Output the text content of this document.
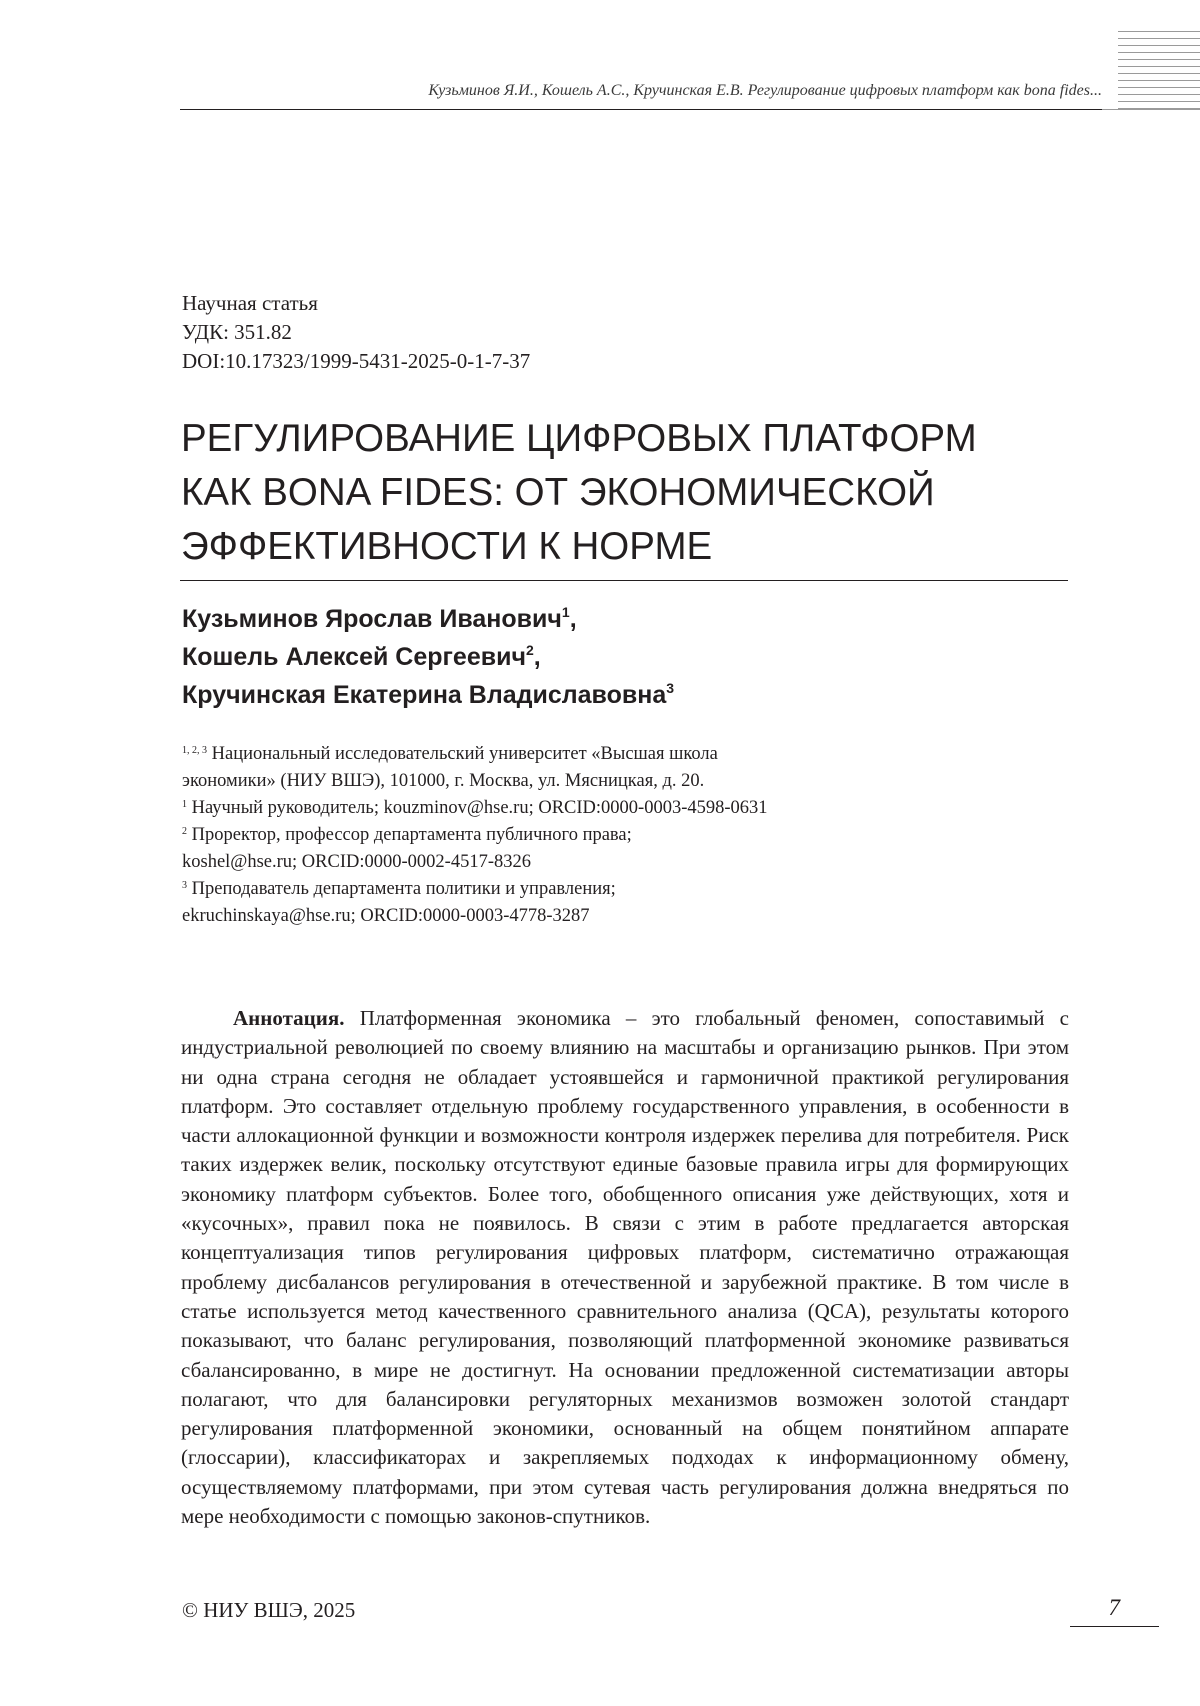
Кузьминов Я.И., Кошель А.С., Кручинская Е.В. Регулирование цифровых платформ как bona fides...
Научная статья
УДК: 351.82
DOI:10.17323/1999-5431-2025-0-1-7-37
РЕГУЛИРОВАНИЕ ЦИФРОВЫХ ПЛАТФОРМ
КАК BONA FIDES: ОТ ЭКОНОМИЧЕСКОЙ
ЭФФЕКТИВНОСТИ К НОРМЕ
Кузьминов Ярослав Иванович$^1$,
Кошель Алексей Сергеевич$^2$,
Кручинская Екатерина Владиславовна$^3$
$^{1, 2, 3}$ Национальный исследовательский университет «Высшая школа
экономики» (НИУ ВШЭ), 101000, г. Москва, ул. Мясницкая, д. 20.
$^1$ Научный руководитель; kouzminov@hse.ru; ORCID:0000-0003-4598-0631
$^2$ Проректор, профессор департамента публичного права;
koshel@hse.ru; ORCID:0000-0002-4517-8326
$^3$ Преподаватель департамента политики и управления;
ekruchinskaya@hse.ru; ORCID:0000-0003-4778-3287

Аннотация. Платформенная экономика – это глобальный феномен, сопоставимый с индустриальной революцией по своему влиянию на масштабы и организацию рынков. При этом ни одна страна сегодня не обладает устоявшейся и гармоничной практикой регулирования платформ. Это составляет отдельную проблему государственного управления, в особенности в части аллокационной функции и возможности контроля издержек перелива для потребителя. Риск таких издержек велик, поскольку отсутствуют единые базовые правила игры для формирующих экономику платформ субъектов. Более того, обобщенного описания уже действующих, хотя и «кусочных», правил пока не появилось. В связи с этим в работе предлагается авторская концептуализация типов регулирования цифровых платформ, систематично отражающая проблему дисбалансов регулирования в отечественной и зарубежной практике. В том числе в статье используется метод качественного сравнительного анализа (QCA), результаты которого показывают, что баланс регулирования, позволяющий платформенной экономике развиваться сбалансированно, в мире не достигнут. На основании предложенной систематизации авторы полагают, что для балансировки регуляторных механизмов возможен золотой стандарт регулирования платформенной экономики, основанный на общем понятийном аппарате (глоссарии), классификаторах и закрепляемых подходах к информационному обмену, осуществляемому платформами, при этом сутевая часть регулирования должна внедряться по мере необходимости с помощью законов-спутников.

© НИУ ВШЭ, 2025	7
